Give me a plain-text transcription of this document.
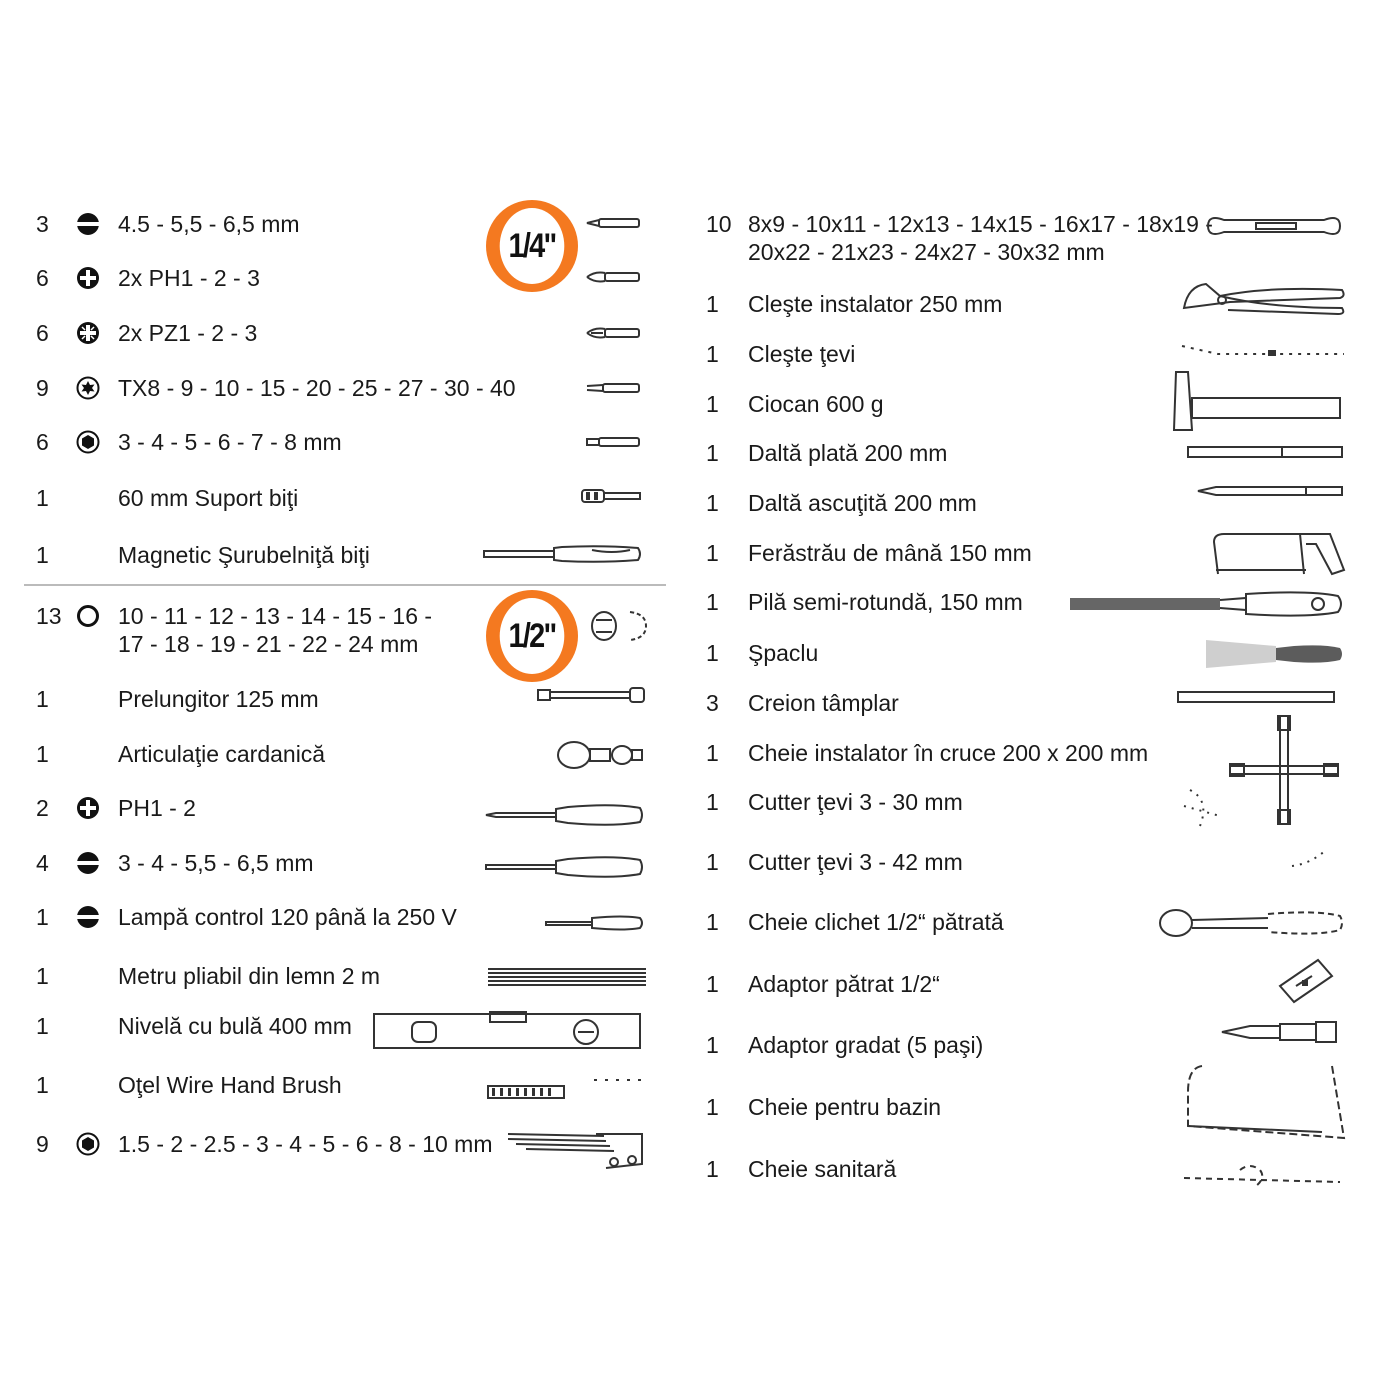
1/4"
1/2"
3	4.5 - 5,5 - 6,5 mm
6	2x PH1 - 2 - 3
6	2x PZ1 - 2 - 3
9	TX8 - 9 - 10 - 15 - 20 - 25 - 27 - 30 - 40
6	3 - 4 - 5 - 6 - 7 - 8 mm
1	60 mm Suport biţi
1	Magnetic Şurubelniţă biţi
13 10 - 11 - 12 - 13 - 14 - 15 - 16 -
17 - 18 - 19 - 21 - 22 - 24 mm
1	Prelungitor 125 mm
1	Articulaţie cardanică
2	PH1 - 2
4	3 - 4 - 5,5 - 6,5 mm
1	Lampă control 120 până la 250 V
1	Metru pliabil din lemn 2 m
1	Nivelă cu bulă 400 mm
1	Oţel Wire Hand Brush
9	1.5 - 2 - 2.5 - 3 - 4 - 5 - 6 - 8 - 10 mm
10 8x9 - 10x11 - 12x13 - 14x15 - 16x17 - 18x19 -
20x22 - 21x23 - 24x27 - 30x32 mm
1 Cleşte instalator 250 mm
1 Cleşte ţevi
1 Ciocan 600 g
1 Daltă plată 200 mm
1 Daltă ascuţită 200 mm
1 Ferăstrău de mână 150 mm
1 Pilă semi-rotundă, 150 mm
1 Şpaclu
3 Creion tâmplar
1 Cheie instalator în cruce 200 x 200 mm
1 Cutter ţevi 3 - 30 mm
1 Cutter ţevi 3 - 42 mm
1 Cheie clichet 1/2“ pătrată
1 Adaptor pătrat 1/2“
1 Adaptor gradat (5 paşi)
1 Cheie pentru bazin
1 Cheie sanitară
